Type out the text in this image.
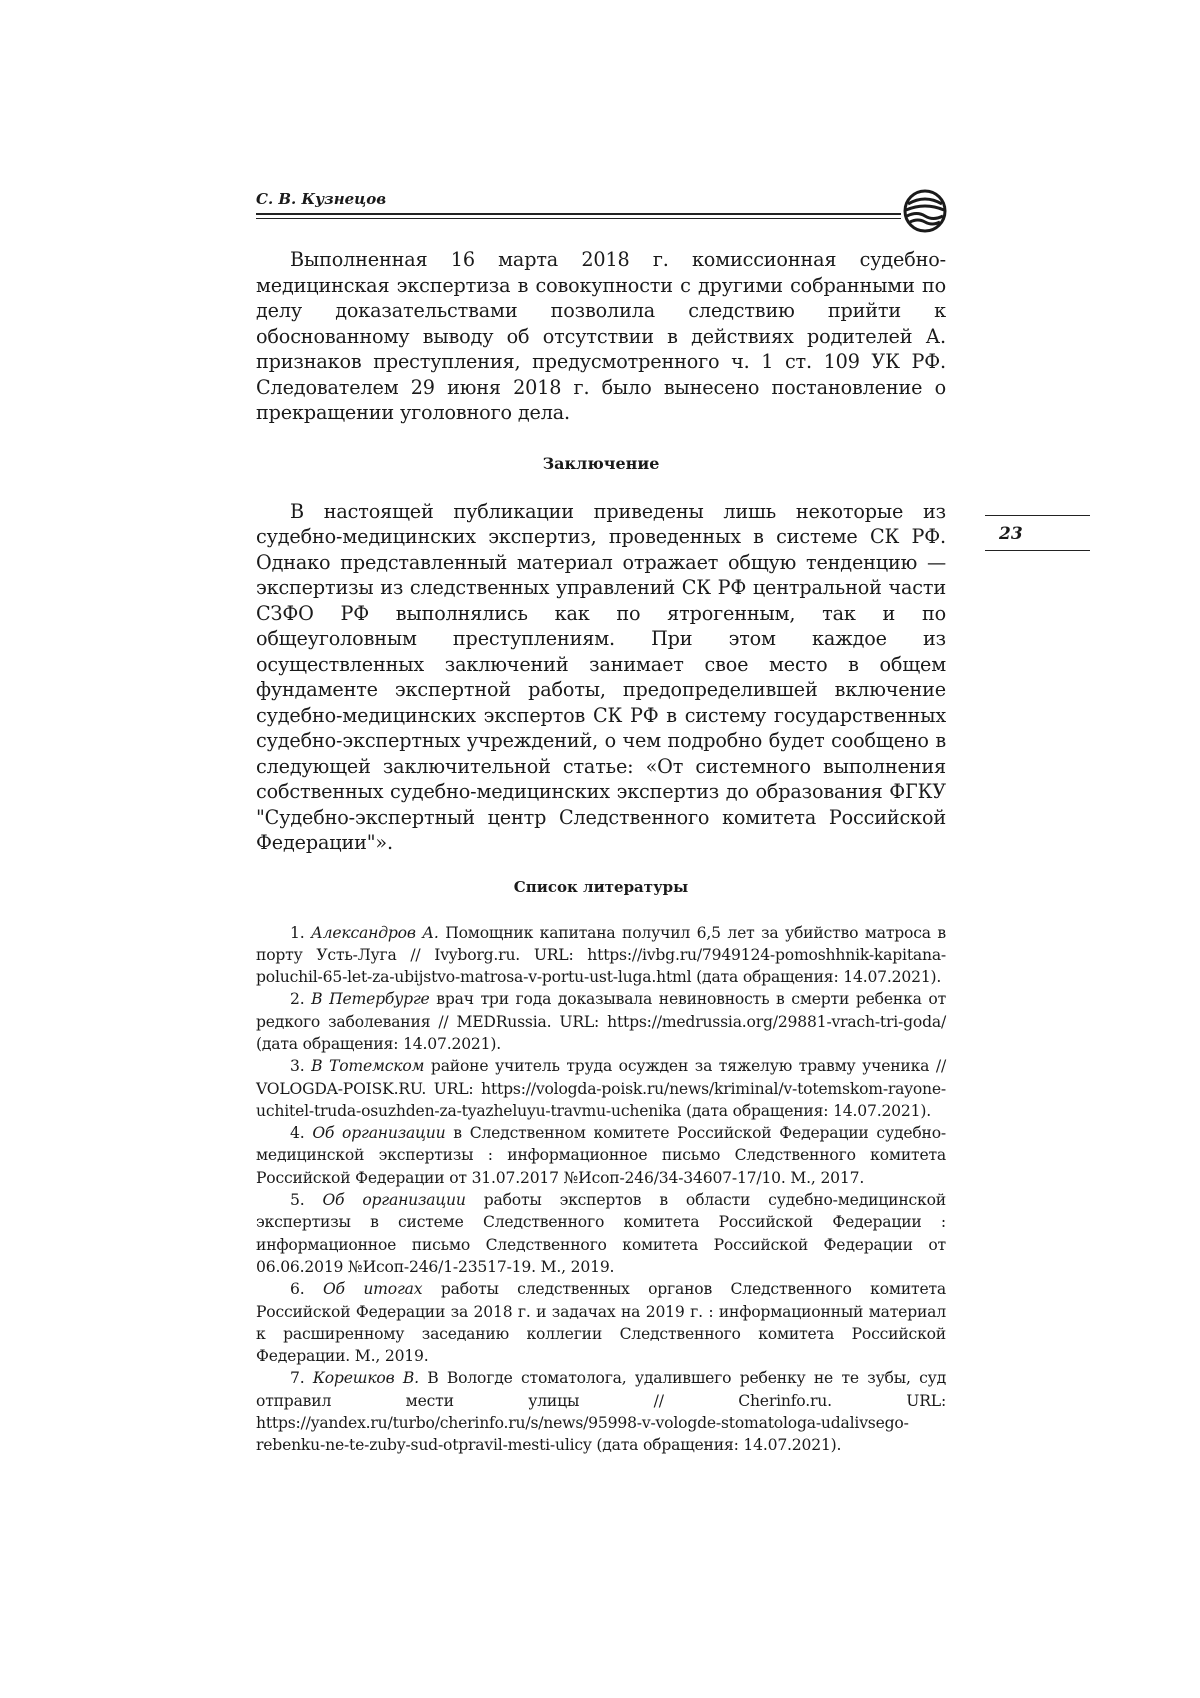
С. В. Кузнецов
23

Выполненная 16 марта 2018 г. комиссионная судебно-медицинская экспертиза в совокупности с другими собранными по делу доказательствами позволила следствию прийти к обоснованному выводу об отсутствии в действиях родителей А. признаков преступления, предусмотренного ч. 1 ст. 109 УК РФ. Следователем 29 июня 2018 г. было вынесено постановление о прекращении уголовного дела.

Заключение

В настоящей публикации приведены лишь некоторые из судебно-медицинских экспертиз, проведенных в системе СК РФ. Однако представленный материал отражает общую тенденцию — экспертизы из следственных управлений СК РФ центральной части СЗФО РФ выполнялись как по ятрогенным, так и по общеуголовным преступлениям. При этом каждое из осуществленных заключений занимает свое место в общем фундаменте экспертной работы, предопределившей включение судебно-медицинских экспертов СК РФ в систему государственных судебно-экспертных учреждений, о чем подробно будет сообщено в следующей заключительной статье: «От системного выполнения собственных судебно-медицинских экспертиз до образования ФГКУ "Судебно-экспертный центр Следственного комитета Российской Федерации"».

Список литературы

1. Александров А. Помощник капитана получил 6,5 лет за убийство матроса в порту Усть-Луга // Ivyborg.ru. URL: https://ivbg.ru/7949124-pomoshhnik-kapitana-poluchil-65-let-za-ubijstvo-matrosa-v-portu-ust-luga.html (дата обращения: 14.07.2021).

2. В Петербурге врач три года доказывала невиновность в смерти ребенка от редкого заболевания // MEDRussia. URL: https://medrussia.org/29881-vrach-tri-goda/ (дата обращения: 14.07.2021).

3. В Тотемском районе учитель труда осужден за тяжелую травму ученика // VOLOGDA-POISK.RU. URL: https://vologda-poisk.ru/news/kriminal/v-totemskom-rayone-uchitel-truda-osuzhden-za-tyazheluyu-travmu-uchenika (дата обращения: 14.07.2021).

4. Об организации в Следственном комитете Российской Федерации судебно-медицинской экспертизы : информационное письмо Следственного комитета Российской Федерации от 31.07.2017 №Исоп-246/34-34607-17/10. М., 2017.

5. Об организации работы экспертов в области судебно-медицинской экспертизы в системе Следственного комитета Российской Федерации : информационное письмо Следственного комитета Российской Федерации от 06.06.2019 №Исоп-246/1-23517-19. М., 2019.

6. Об итогах работы следственных органов Следственного комитета Российской Федерации за 2018 г. и задачах на 2019 г. : информационный материал к расширенному заседанию коллегии Следственного комитета Российской Федерации. М., 2019.

7. Корешков В. В Вологде стоматолога, удалившего ребенку не те зубы, суд отправил мести улицы // Cherinfo.ru. URL: https://yandex.ru/turbo/cherinfo.ru/s/news/95998-v-vologde-stomatologa-udalivsego-rebenku-ne-te-zuby-sud-otpravil-mesti-ulicy (дата обращения: 14.07.2021).
